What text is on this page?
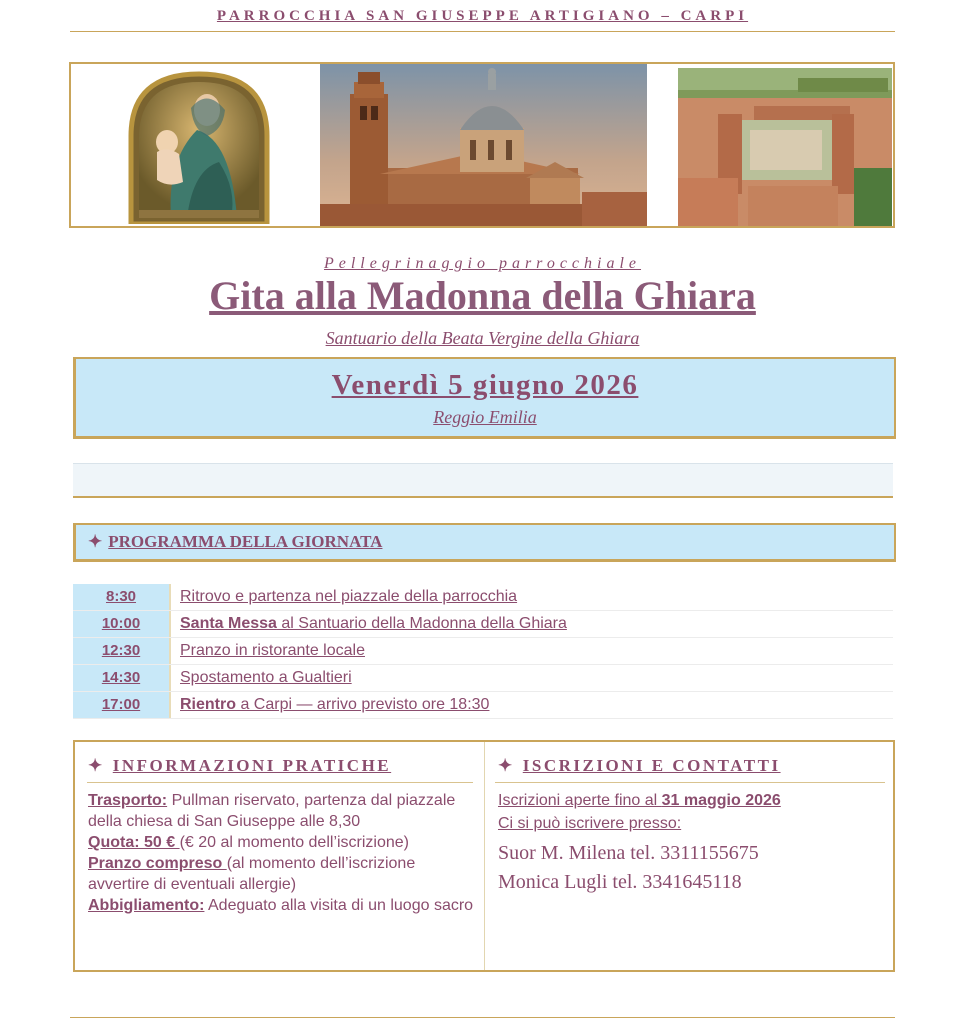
PARROCCHIA SAN GIUSEPPE ARTIGIANO – CARPI
Pellegrinaggio parrocchiale
Gita alla Madonna della Ghiara
Santuario della Beata Vergine della Ghiara
Venerdì 5 giugno 2026
Reggio Emilia
✦ PROGRAMMA DELLA GIORNATA
8:30	Ritrovo e partenza nel piazzale della parrocchia
10:00	Santa Messa al Santuario della Madonna della Ghiara
12:30	Pranzo in ristorante locale
14:30	Spostamento a Gualtieri
17:00	Rientro a Carpi — arrivo previsto ore 18:30
✦ INFORMAZIONI PRATICHE

Trasporto: Pullman riservato, partenza dal piazzale della chiesa di San Giuseppe alle 8,30

Quota: 50 € (€ 20 al momento dell’iscrizione)

Pranzo compreso (al momento dell’iscrizione avvertire di eventuali allergie)

Abbigliamento: Adeguato alla visita di un luogo sacro

✦ ISCRIZIONI E CONTATTI

Iscrizioni aperte fino al 31 maggio 2026

Ci si può iscrivere presso:

Suor M. Milena tel. 3311155675
Monica Lugli tel. 3341645118
